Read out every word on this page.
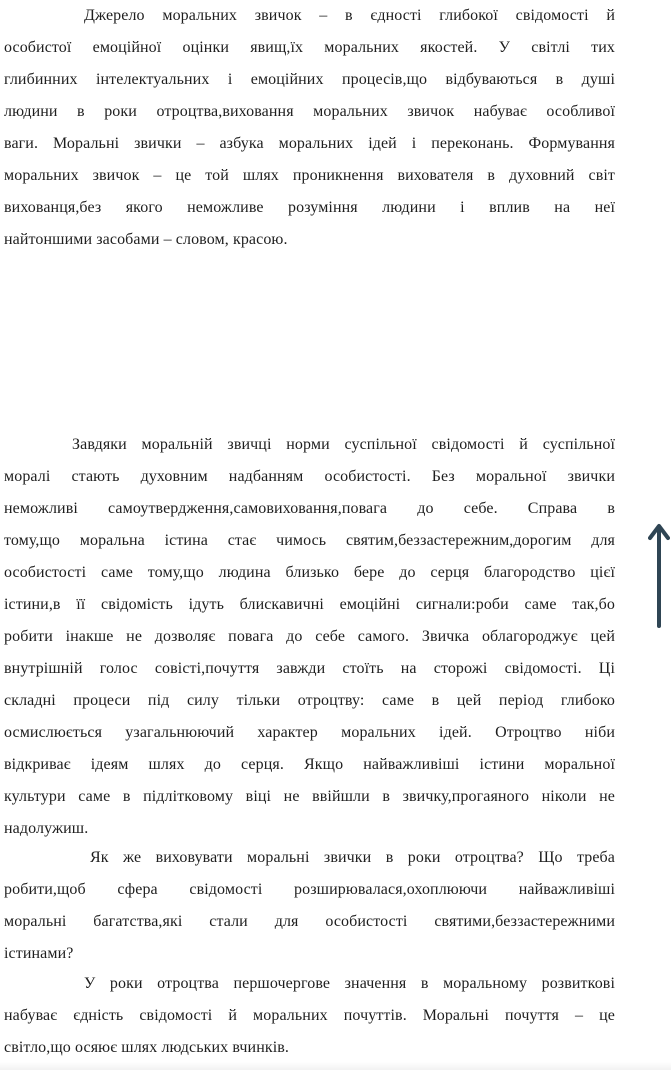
Джерело моральних звичок – в єдності глибокої свідомості й
особистої емоційної оцінки явищ,їх моральних якостей. У світлі тих
глибинних інтелектуальних і емоційних процесів,що відбуваються в душі
людини в роки отроцтва,виховання моральних звичок набуває особливої
ваги. Моральні звички – азбука моральних ідей і переконань. Формування
моральних звичок – це той шлях проникнення вихователя в духовний світ
вихованця,без якого неможливе розуміння людини і вплив на неї
найтоншими засобами – словом, красою.
Завдяки моральній звичці норми суспільної свідомості й суспільної
моралі стають духовним надбанням особистості. Без моральної звички
неможливі самоутвердження,самовиховання,повага до себе. Справа в
тому,що моральна істина стає чимось святим,беззастережним,дорогим для
особистості саме тому,що людина близько бере до серця благородство цієї
істини,в її свідомість ідуть блискавичні емоційні сигнали:роби саме так,бо
робити інакше не дозволяє повага до себе самого. Звичка облагороджує цей
внутрішній голос совісті,почуття завжди стоїть на сторожі свідомості. Ці
складні процеси під силу тільки отроцтву: саме в цей період глибоко
осмислюється узагальнюючий характер моральних ідей. Отроцтво ніби
відкриває ідеям шлях до серця. Якщо найважливіші істини моральної
культури саме в підлітковому віці не ввійшли в звичку,прогаяного ніколи не
надолужиш.
Як же виховувати моральні звички в роки отроцтва? Що треба
робити,щоб сфера свідомості розширювалася,охоплюючи найважливіші
моральні багатства,які стали для особистості святими,беззастережними
істинами?
У роки отроцтва першочергове значення в моральному розвиткові
набуває єдність свідомості й моральних почуттів. Моральні почуття – це
світло,що осяює шлях людських вчинків.
